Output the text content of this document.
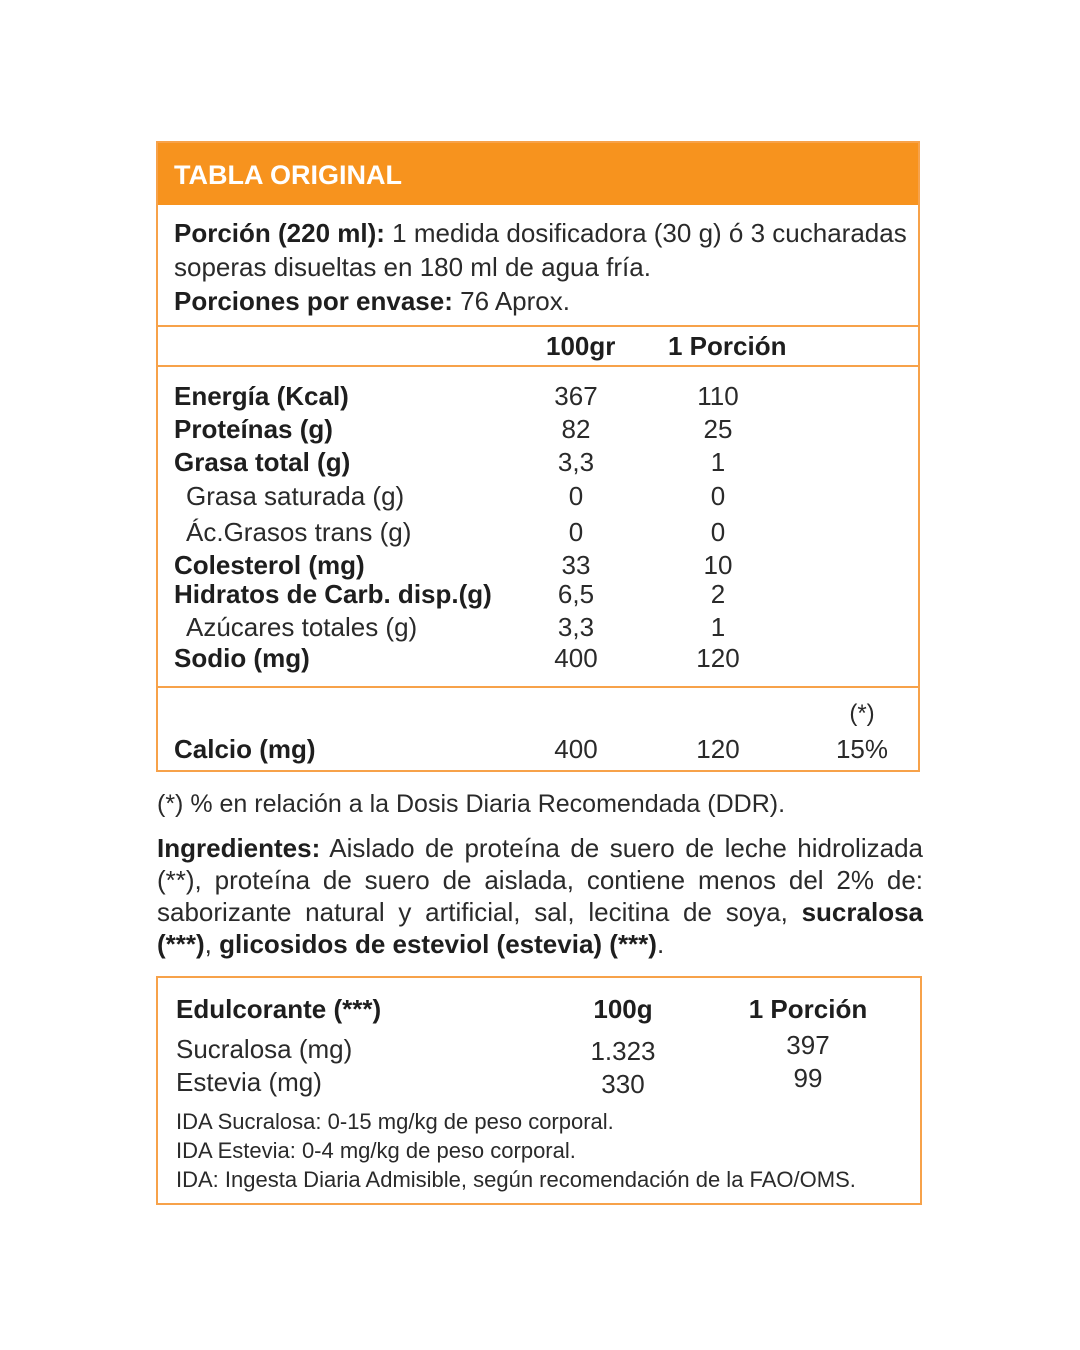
TABLA ORIGINAL
Porción (220 ml): 1 medida dosificadora (30 g) ó 3 cucharadas soperas disueltas en 180 ml de agua fría.
Porciones por envase: 76 Aprox.
100gr 1 Porción
Energía (Kcal)	367	110
Proteínas (g)	82	25
Grasa total (g)	3,3	1
Grasa saturada (g)	0	0
Ác.Grasos trans (g)	0	0
Colesterol (mg)	33	10
Hidratos de Carb. disp.(g)	6,5	2
Azúcares totales (g)	3,3	1
Sodio (mg)	400	120
(*)
Calcio (mg)	400	120	15%
(*) % en relación a la Dosis Diaria Recomendada (DDR).
Ingredientes: Aislado de proteína de suero de leche hidrolizada (**), proteína de suero de aislada, contiene menos del 2% de: saborizante natural y artificial, sal, lecitina de soya, sucralosa (***), glicosidos de esteviol (estevia) (***).
Edulcorante (***)	100g	1 Porción
Sucralosa (mg)	1.323	397
Estevia (mg)	330	99
IDA Sucralosa: 0-15 mg/kg de peso corporal.
IDA Estevia: 0-4 mg/kg de peso corporal.
IDA: Ingesta Diaria Admisible, según recomendación de la FAO/OMS.
